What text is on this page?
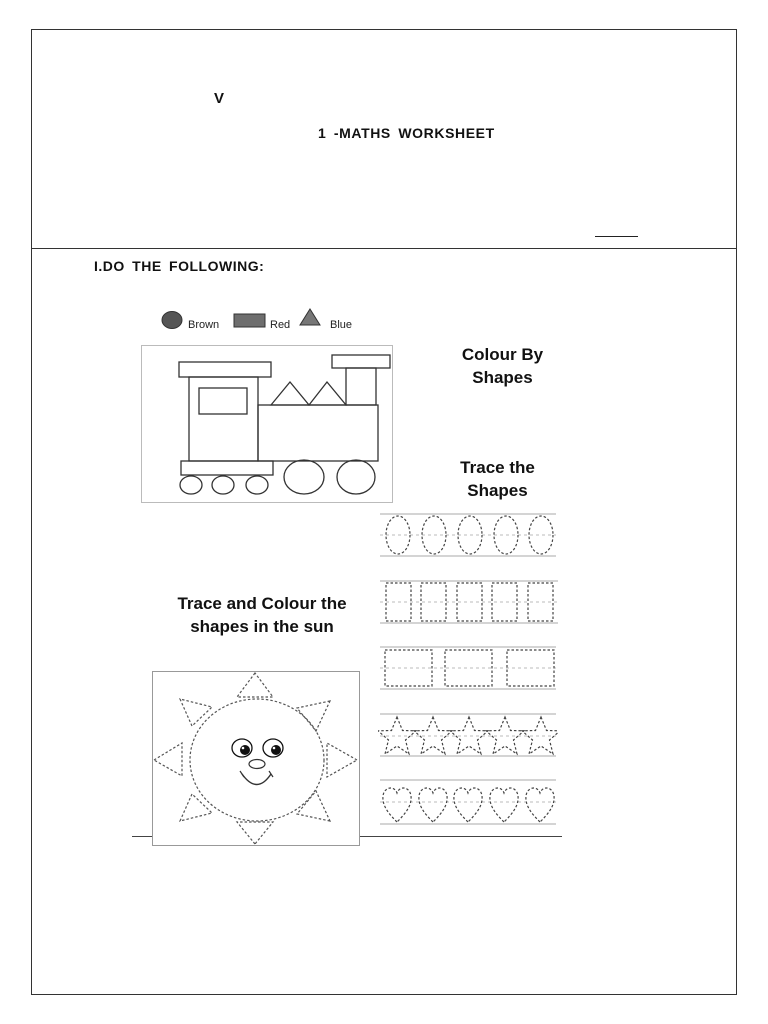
V
1 -MATHS WORKSHEET
I.DO THE FOLLOWING:
Brown	Red	Blue
Colour By
Shapes
Trace the
Shapes
Trace and Colour the
shapes in the sun
